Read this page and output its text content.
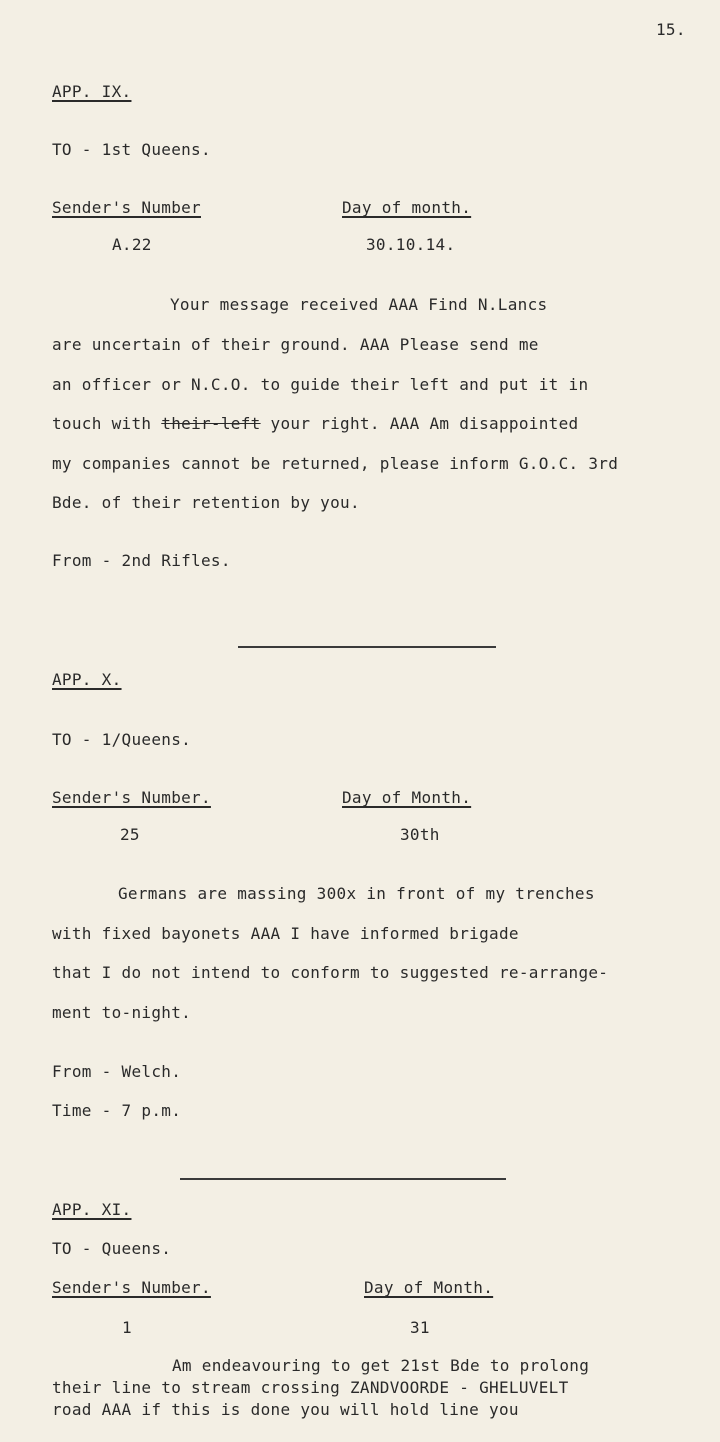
15.
APP. IX.
TO - 1st Queens.
Sender's Number	Day of month.
A.22	30.10.14.
Your message received AAA Find N.Lancs
are uncertain of their ground. AAA Please send me
an officer or N.C.O. to guide their left and put it in
touch with their-left your right. AAA Am disappointed
my companies cannot be returned, please inform G.O.C. 3rd
Bde. of their retention by you.
From - 2nd Rifles.
APP. X.
TO - 1/Queens.
Sender's Number.	Day of Month.
25	30th
Germans are massing 300x in front of my trenches
with fixed bayonets AAA I have informed brigade
that I do not intend to conform to suggested re-arrange-
ment to-night.
From - Welch.
Time - 7 p.m.
APP. XI.
TO - Queens.
Sender's Number.	Day of Month.
1	31
Am endeavouring to get 21st Bde to prolong
their line to stream crossing ZANDVOORDE - GHELUVELT
road AAA if this is done you will hold line you
